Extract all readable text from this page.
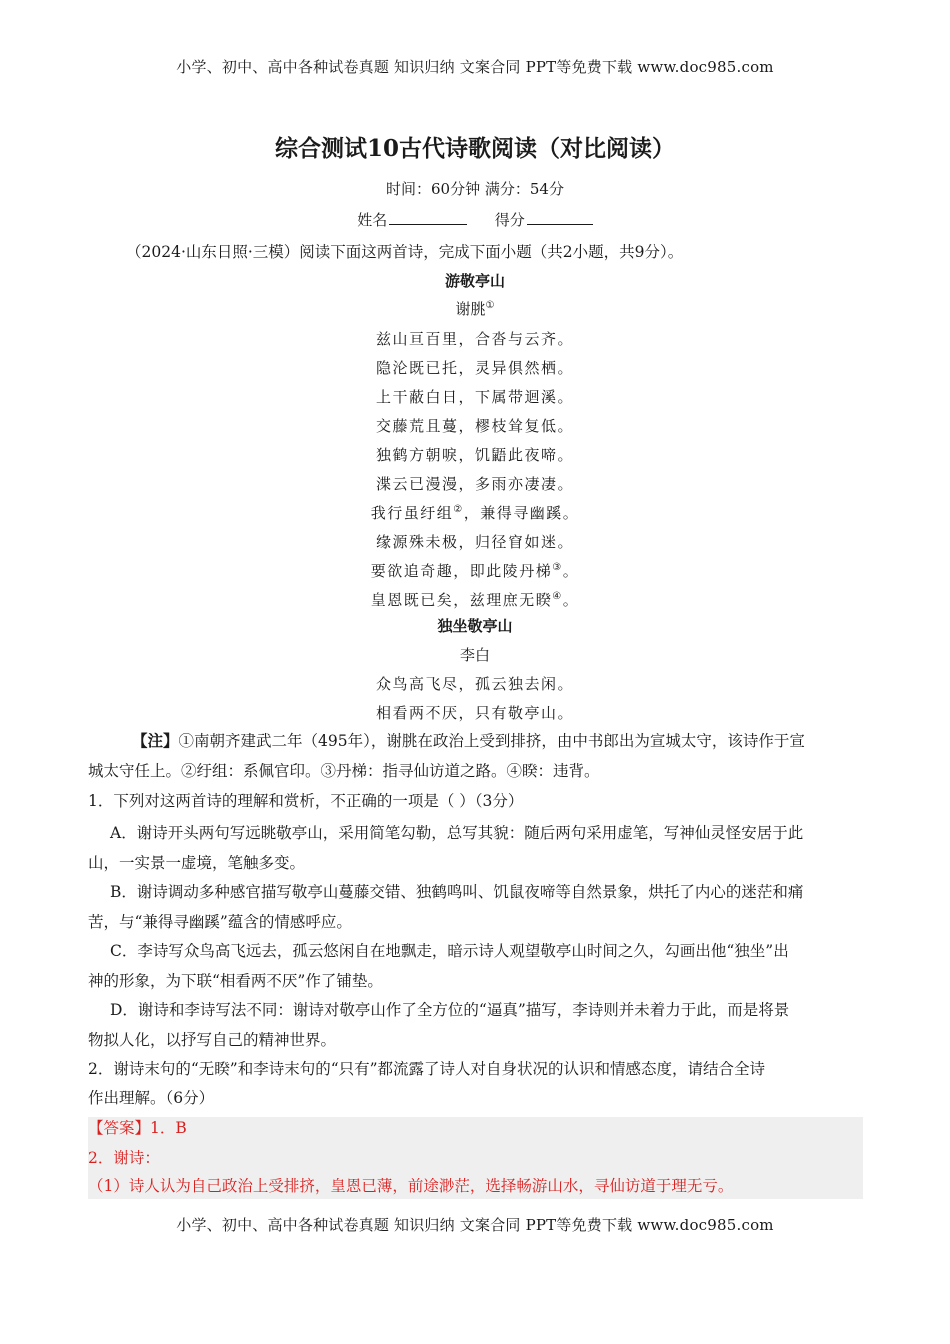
小学、初中、高中各种试卷真题 知识归纳 文案合同 PPT等免费下载 www.doc985.com
综合测试10古代诗歌阅读（对比阅读）
时间：60分钟 满分：54分
姓名	得分
（2024·山东日照·三模）阅读下面这两首诗，完成下面小题（共2小题，共9分）。
游敬亭山
谢朓①
兹山亘百里，合沓与云齐。
隐沦既已托，灵异俱然栖。
上干蔽白日，下属带迴溪。
交藤荒且蔓，樛枝耸复低。
独鹤方朝唳，饥鼯此夜啼。
渫云已漫漫，多雨亦凄凄。
我行虽纡组②，兼得寻幽蹊。
缘源殊未极，归径窅如迷。
要欲追奇趣，即此陵丹梯③。
皇恩既已矣，兹理庶无睽④。
独坐敬亭山
李白
众鸟高飞尽，孤云独去闲。
相看两不厌，只有敬亭山。
【注】①南朝齐建武二年（495年），谢朓在政治上受到排挤，由中书郎出为宣城太守，该诗作于宣
城太守任上。②纡组：系佩官印。③丹梯：指寻仙访道之路。④睽：违背。
1．下列对这两首诗的理解和赏析，不正确的一项是（ ）（3分）
A．谢诗开头两句写远眺敬亭山，采用简笔勾勒，总写其貌：随后两句采用虚笔，写神仙灵怪安居于此
山，一实景一虚境，笔触多变。
B．谢诗调动多种感官描写敬亭山蔓藤交错、独鹤鸣叫、饥鼠夜啼等自然景象，烘托了内心的迷茫和痛
苦，与“兼得寻幽蹊”蕴含的情感呼应。
C．李诗写众鸟高飞远去，孤云悠闲自在地飘走，暗示诗人观望敬亭山时间之久，勾画出他“独坐”出
神的形象，为下联“相看两不厌”作了铺垫。
D．谢诗和李诗写法不同：谢诗对敬亭山作了全方位的“逼真”描写，李诗则并未着力于此，而是将景
物拟人化，以抒写自己的精神世界。
2．谢诗末句的“无睽”和李诗末句的“只有”都流露了诗人对自身状况的认识和情感态度，请结合全诗
作出理解。（6分）
【答案】1．B
2．谢诗：
（1）诗人认为自己政治上受排挤，皇恩已薄，前途渺茫，选择畅游山水，寻仙访道于理无亏。
小学、初中、高中各种试卷真题 知识归纳 文案合同 PPT等免费下载 www.doc985.com
